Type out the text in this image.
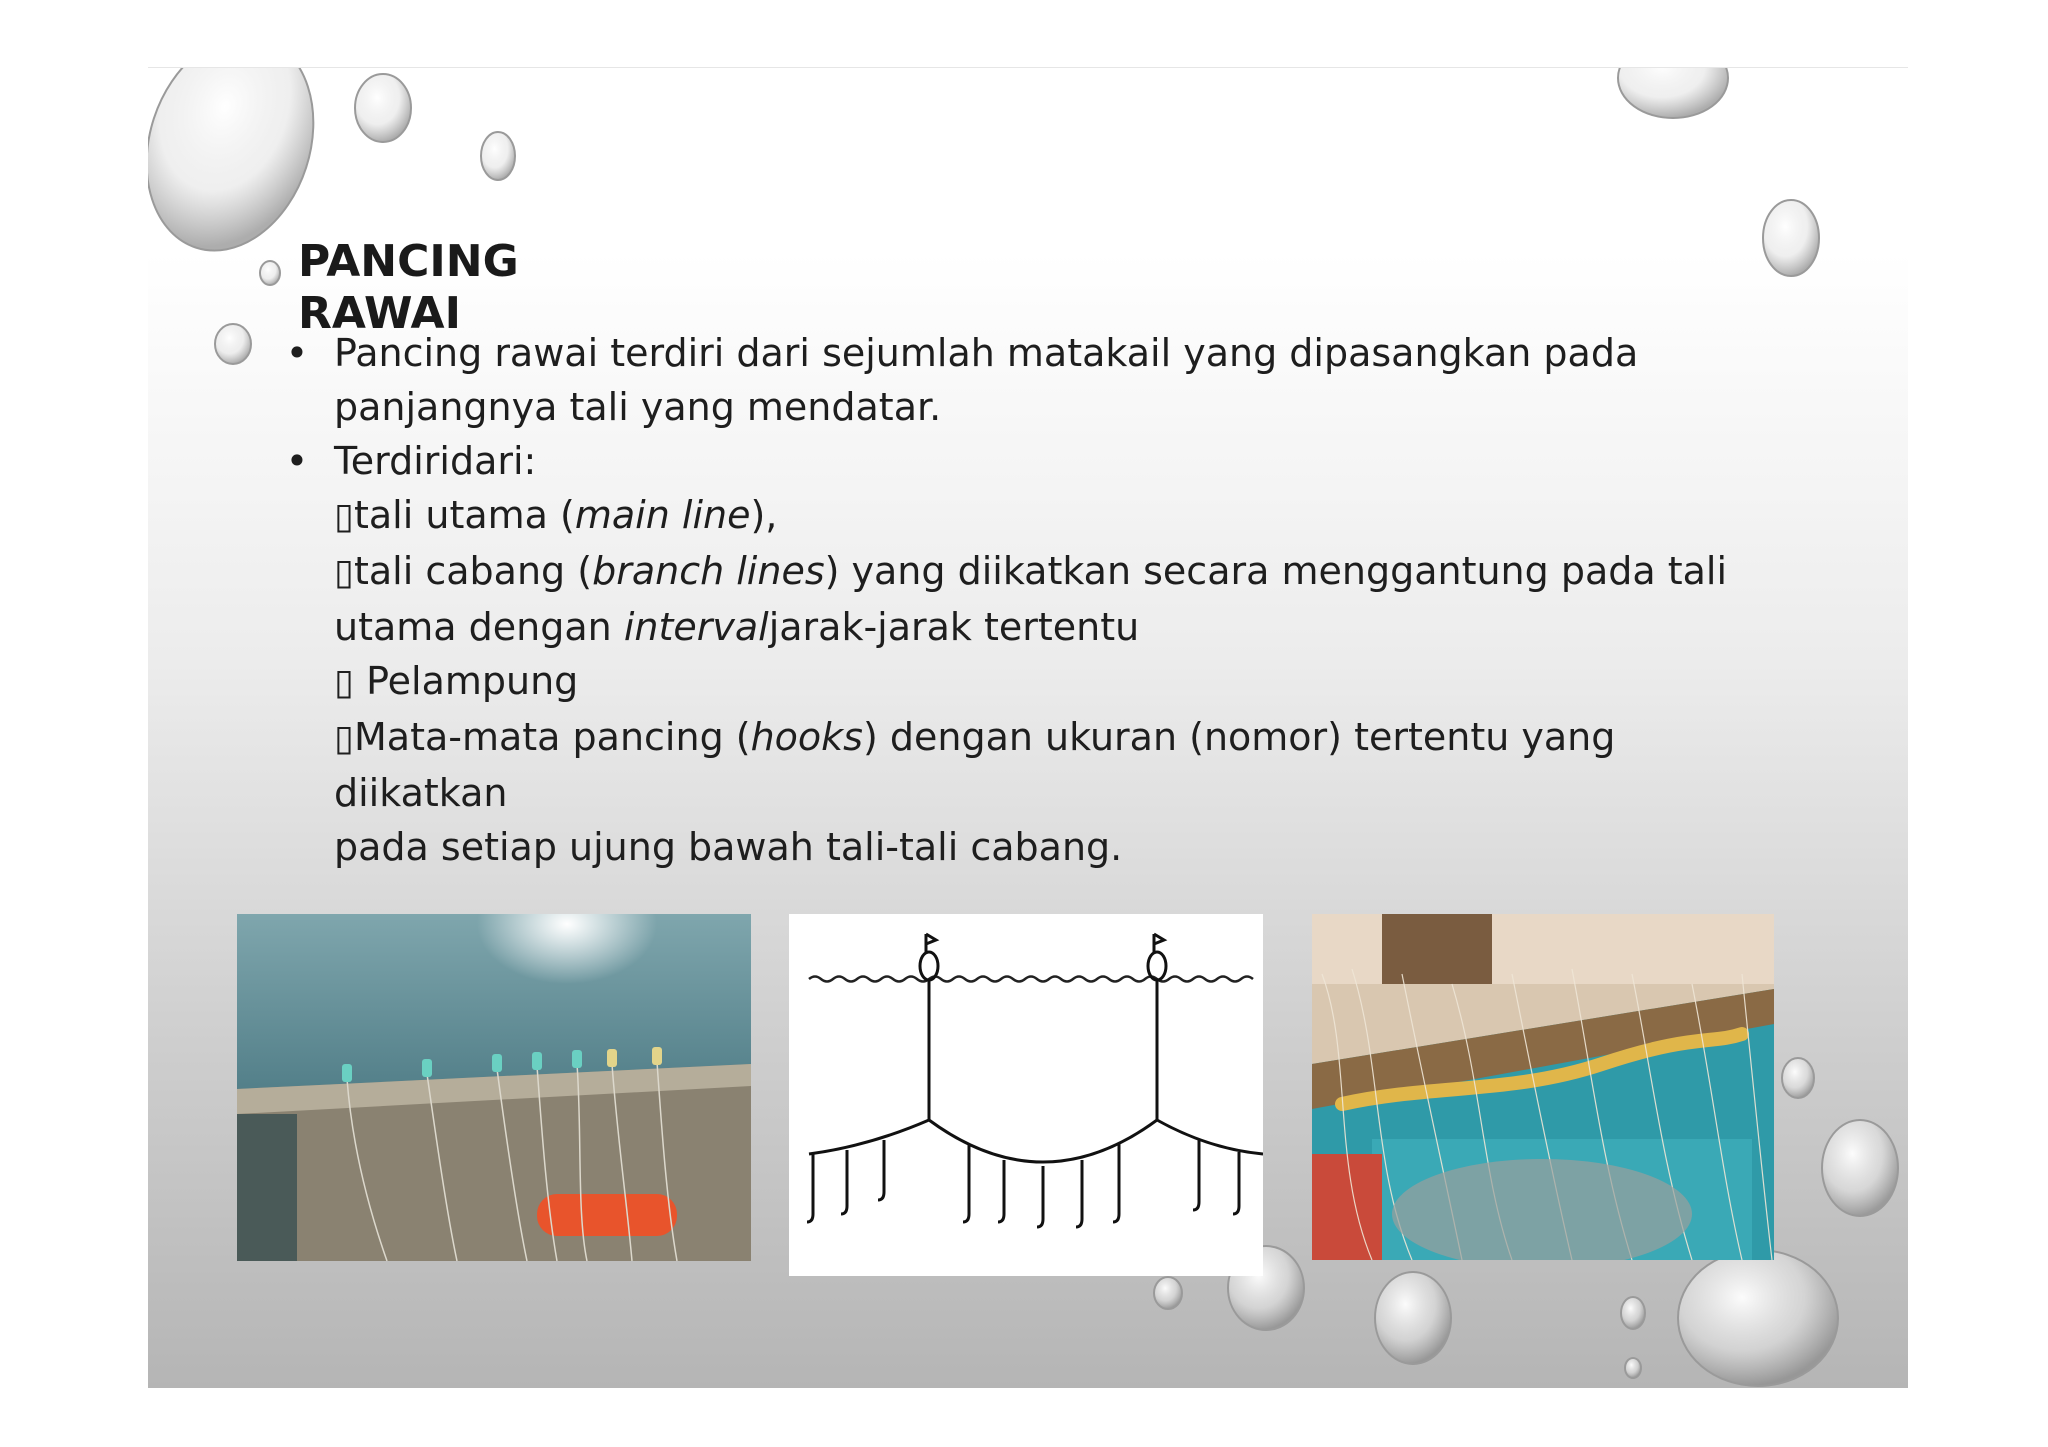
PANCING RAWAI
• Pancing rawai terdiri dari sejumlah matakail yang dipasangkan pada panjangnya tali yang mendatar.
• Terdiridari:
▯tali utama (main line),
▯tali cabang (branch lines) yang diikatkan secara menggantung pada tali
utama dengan intervaljarak-jarak tertentu
▯ Pelampung
▯Mata-mata pancing (hooks) dengan ukuran (nomor) tertentu yang diikatkan
pada setiap ujung bawah tali-tali cabang.
